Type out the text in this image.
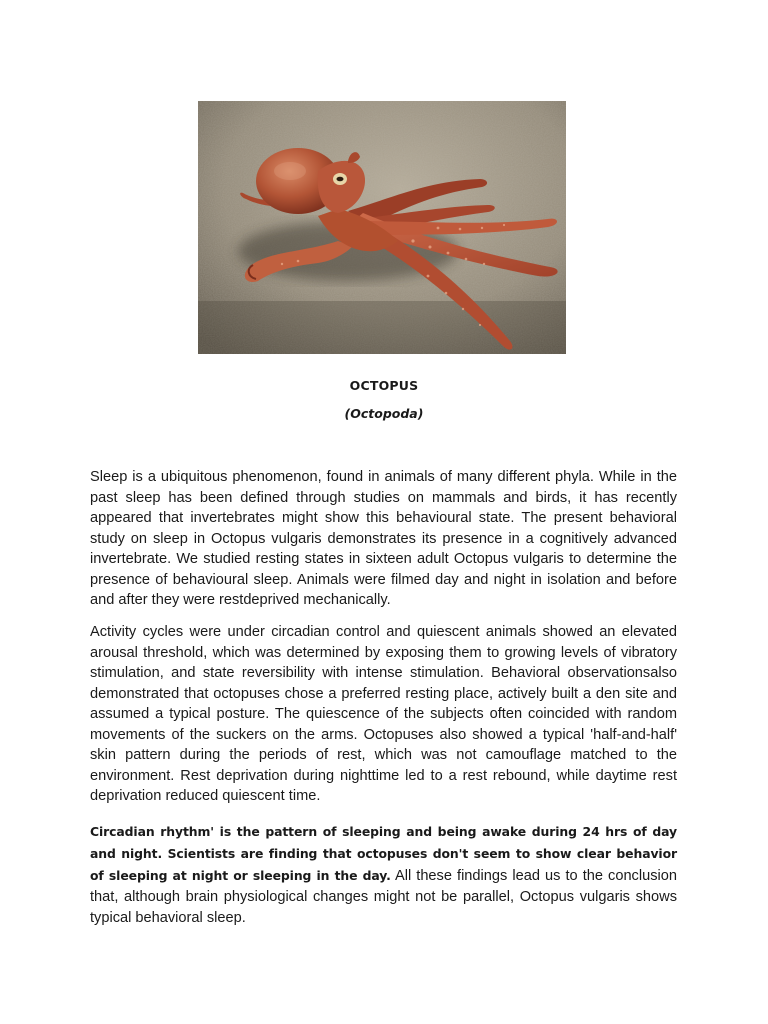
OCTOPUS
(Octopoda)

Sleep is a ubiquitous phenomenon, found in animals of many different phyla. While in the past sleep has been defined through studies on mammals and birds, it has recently appeared that invertebrates might show this behavioural state. The present behavioral study on sleep in Octopus vulgaris demonstrates its presence in a cognitively advanced invertebrate. We studied resting states in sixteen adult Octopus vulgaris to determine the presence of behavioural sleep. Animals were filmed day and night in isolation and before and after they were restdeprived mechanically.

Activity cycles were under circadian control and quiescent animals showed an elevated arousal threshold, which was determined by exposing them to growing levels of vibratory stimulation, and state reversibility with intense stimulation. Behavioral observationsalso demonstrated that octopuses chose a preferred resting place, actively built a den site and assumed a typical posture. The quiescence of the subjects often coincided with random movements of the suckers on the arms. Octopuses also showed a typical 'half-and-half' skin pattern during the periods of rest, which was not camouflage matched to the environment. Rest deprivation during nighttime led to a rest rebound, while daytime rest deprivation reduced quiescent time.

Circadian rhythm' is the pattern of sleeping and being awake during 24 hrs of day and night. Scientists are finding that octopuses don't seem to show clear behavior of sleeping at night or sleeping in the day. All these findings lead us to the conclusion that, although brain physiological changes might not be parallel, Octopus vulgaris shows typical behavioral sleep.
